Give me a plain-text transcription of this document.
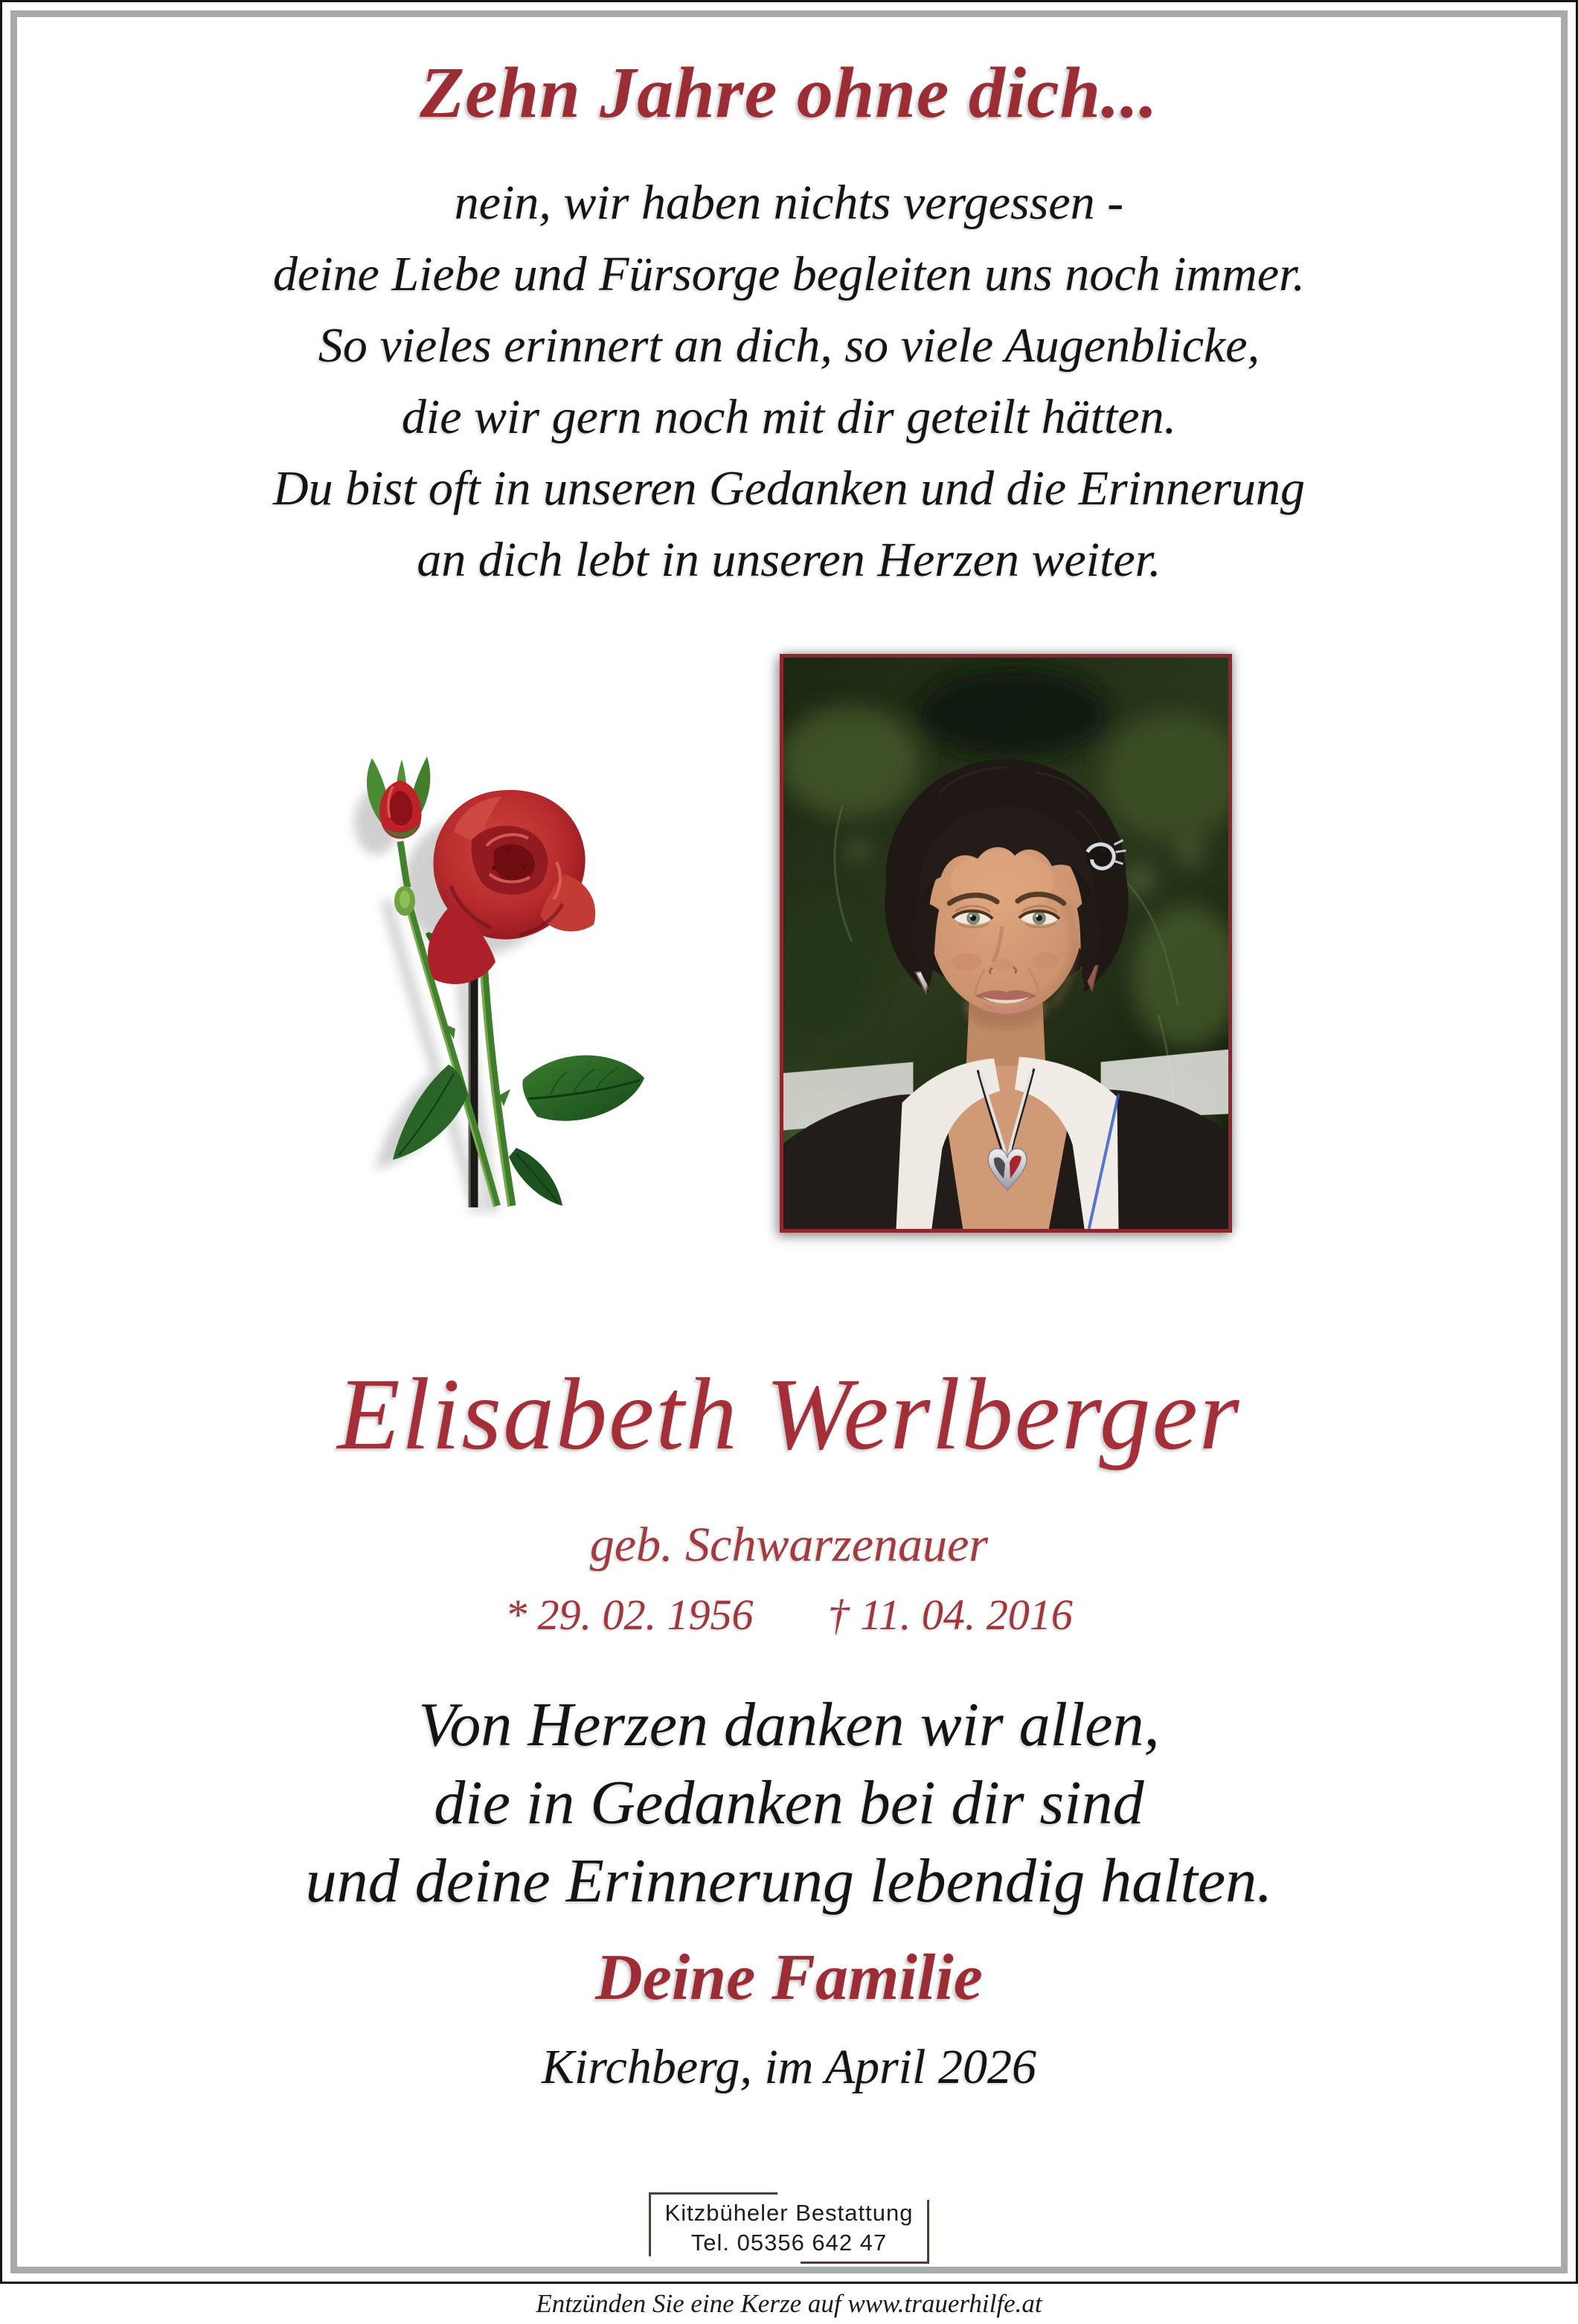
Zehn Jahre ohne dich...
nein, wir haben nichts vergessen -
deine Liebe und Fürsorge begleiten uns noch immer.
So vieles erinnert an dich, so viele Augenblicke,
die wir gern noch mit dir geteilt hätten.
Du bist oft in unseren Gedanken und die Erinnerung
an dich lebt in unseren Herzen weiter.
Elisabeth Werlberger
geb. Schwarzenauer
* 29. 02. 1956 † 11. 04. 2016
Von Herzen danken wir allen,
die in Gedanken bei dir sind
und deine Erinnerung lebendig halten.
Deine Familie
Kirchberg, im April 2026
Kitzbüheler Bestattung
Tel. 05356 642 47
Entzünden Sie eine Kerze auf www.trauerhilfe.at
